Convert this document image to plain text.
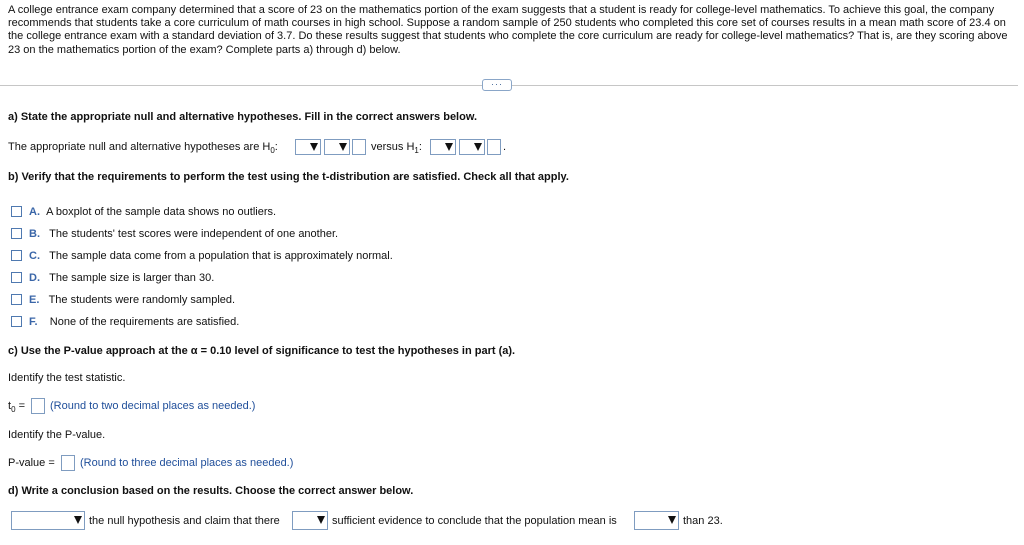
A college entrance exam company determined that a score of 23 on the mathematics portion of the exam suggests that a student is ready for college-level mathematics. To achieve this goal, the company recommends that students take a core curriculum of math courses in high school. Suppose a random sample of 250 students who completed this core set of courses results in a mean math score of 23.4 on the college entrance exam with a standard deviation of 3.7. Do these results suggest that students who complete the core curriculum are ready for college-level mathematics? That is, are they scoring above 23 on the mathematics portion of the exam? Complete parts a) through d) below.
···
a) State the appropriate null and alternative hypotheses. Fill in the correct answers below.
The appropriate null and alternative hypotheses are $H_0$:	versus $H_1$:	.
b) Verify that the requirements to perform the test using the t-distribution are satisfied. Check all that apply.
A. A boxplot of the sample data shows no outliers.
B. The students' test scores were independent of one another.
C. The sample data come from a population that is approximately normal.
D. The sample size is larger than 30.
E. The students were randomly sampled.
F. None of the requirements are satisfied.
c) Use the P-value approach at the α = 0.10 level of significance to test the hypotheses in part (a).
Identify the test statistic.
$t_0$ = (Round to two decimal places as needed.)
Identify the P-value.
P-value = (Round to three decimal places as needed.)
d) Write a conclusion based on the results. Choose the correct answer below.
the null hypothesis and claim that there	sufficient evidence to conclude that the population mean is	than 23.
